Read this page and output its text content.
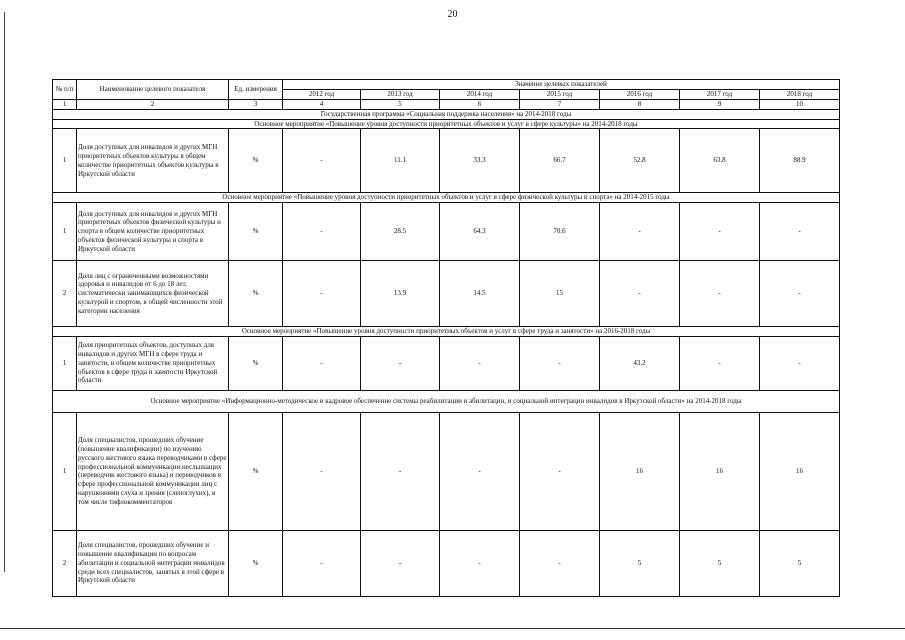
20
№ п/п	Наименование целевого показателя	Ед. измерения	Значение целевых показателей						
			2012 год	2013 год	2014 год	2015 год	2016 год	2017 год	2018 год
1	2	3	4	5	6	7	8	9	10
Государственная программа «Социальная поддержка населения» на 2014-2018 годы									
Основное мероприятие «Повышение уровня доступности приоритетных объектов и услуг в сфере культуры» на 2014-2018 годы									
1	Доля доступных для инвалидов и других МГН приоритетных объектов культуры в общем количестве приоритетных объектов культуры в Иркутской области	%	-	11.1	33.3	66.7	52.8	63.8	88.9
Основное мероприятие «Повышение уровня доступности приоритетных объектов и услуг в сфере физической культуры и спорта» на 2014-2015 годы									
1	Доля доступных для инвалидов и других МГН приоритетных объектов физической культуры и спорта в общем количестве приоритетных объектов физической культуры и спорта в Иркутской области	%	-	28.5	64.3	70.6	-	-	-
2	Доля лиц с ограниченными возможностями здоровья и инвалидов от 6 до 18 лет, систематически занимающихся физической культурой и спортом, в общей численности этой категории населения	%	-	13.9	14.5	15	-	-	-
Основное мероприятие «Повышение уровня доступности приоритетных объектов и услуг в сфере труда и занятости» на 2016-2018 годы									
1	Доля приоритетных объектов, доступных для инвалидов и других МГН в сфере труда и занятости, в общем количестве приоритетных объектов в сфере труда и занятости Иркутской области	%	-	-	-	-	43.2	-	-
Основное мероприятие «Информационно-методическое и кадровое обеспечение системы реабилитации и абилитации, и социальной интеграции инвалидов в Иркутской области» на 2014-2018 годы									
1	Доля специалистов, прошедших обучение (повышение квалификации) по изучению русского жестового языка переводчиками в сфере профессиональной коммуникации неслышащих (переводчик жестового языка) и переводчиков в сфере профессиональной коммуникации лиц с нарушениями слуха и зрения (слепоглухих), в том числе тифлокомментаторов	%	-	-	-	-	16	16	16
2	Доля специалистов, прошедших обучение и повышение квалификации по вопросам абилитации и социальной интеграции инвалидов среди всех специалистов, занятых в этой сфере в Иркутской области	%	-	-	-	-	5	5	5
